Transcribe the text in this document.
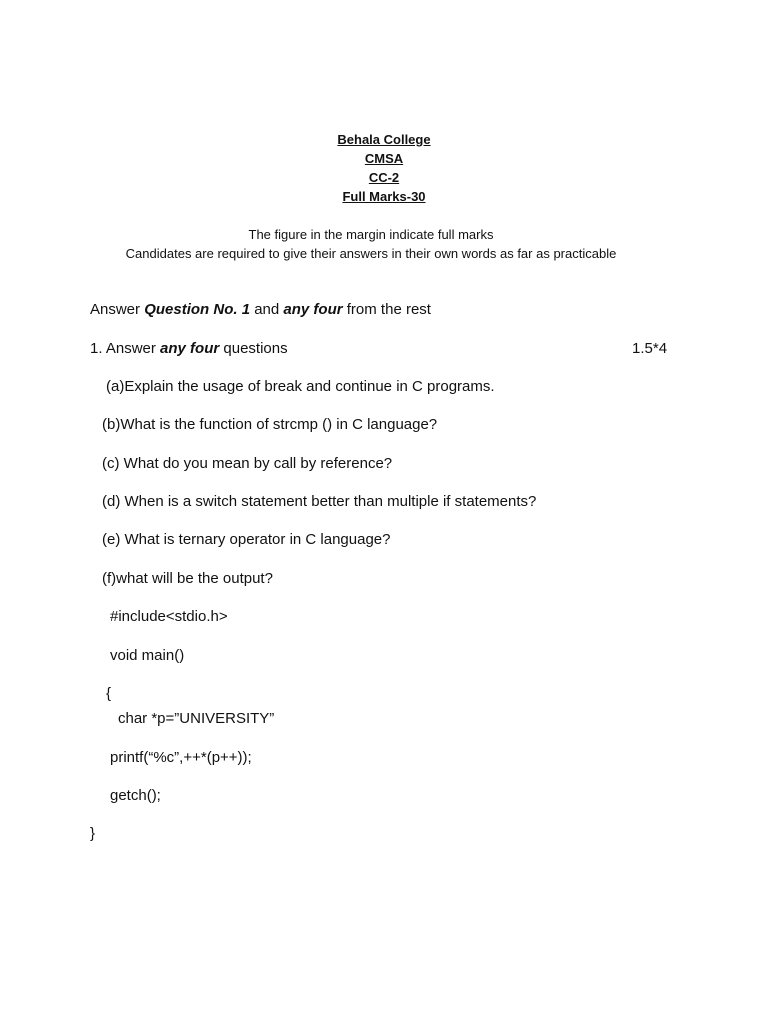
Behala College
CMSA
CC-2
Full Marks-30
The figure in the margin indicate full marks
Candidates are required to give their answers in their own words as far as practicable
Answer Question No. 1 and any four from the rest
1. Answer any four questions	1.5*4
(a)Explain the usage of break and continue in C programs.
(b)What is the function of strcmp () in C language?
(c) What do you mean by call by reference?
(d) When is a switch statement better than multiple if statements?
(e) What is ternary operator in C language?
(f)what will be the output?
#include<stdio.h>
void main()
{
char *p=”UNIVERSITY”
printf(“%c”,++*(p++));
getch();
}
